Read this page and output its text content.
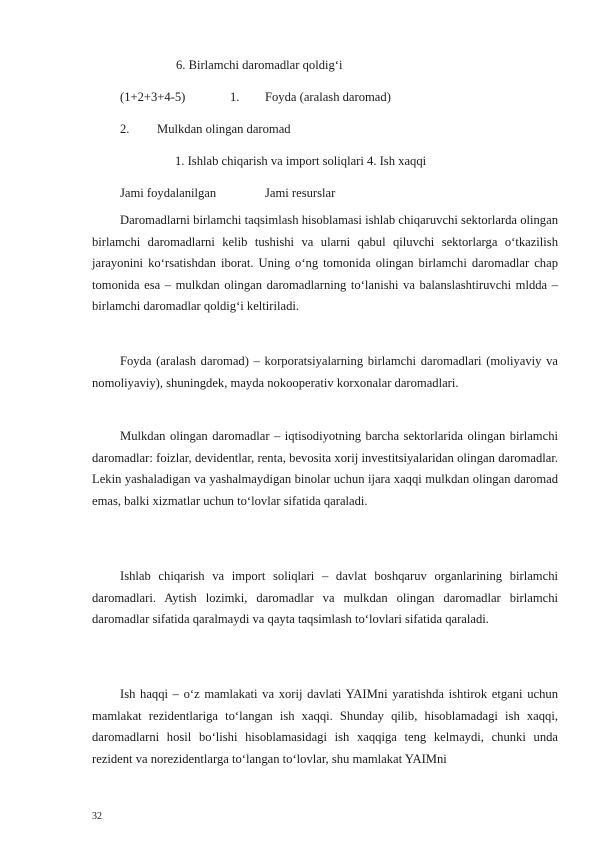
6. Birlamchi daromadlar qoldig‘i
(1+2+3+4-5)	1. Foyda (aralash daromad)
2. Mulkdan olingan daromad
1. Ishlab chiqarish va import soliqlari 4. Ish xaqqi
Jami foydalanilgan	Jami resurslar

Daromadlarni birlamchi taqsimlash hisoblamasi ishlab chiqaruvchi sektorlarda olingan birlamchi daromadlarni kelib tushishi va ularni qabul qiluvchi sektorlarga o‘tkazilish jarayonini ko‘rsatishdan iborat. Uning o‘ng tomonida olingan birlamchi daromadlar chap tomonida esa – mulkdan olingan daromadlarning to‘lanishi va balanslashtiruvchi mldda – birlamchi daromadlar qoldig‘i keltiriladi.

Foyda (aralash daromad) – korporatsiyalarning birlamchi daromadlari (moliyaviy va nomoliyaviy), shuningdek, mayda nokooperativ korxonalar daromadlari.

Mulkdan olingan daromadlar – iqtisodiyotning barcha sektorlarida olingan birlamchi daromadlar: foizlar, devidentlar, renta, bevosita xorij investitsiyalaridan olingan daromadlar. Lekin yashaladigan va yashalmaydigan binolar uchun ijara xaqqi mulkdan olingan daromad emas, balki xizmatlar uchun to‘lovlar sifatida qaraladi.

Ishlab chiqarish va import soliqlari – davlat boshqaruv organlarining birlamchi daromadlari. Aytish lozimki, daromadlar va mulkdan olingan daromadlar birlamchi daromadlar sifatida qaralmaydi va qayta taqsimlash to‘lovlari sifatida qaraladi.

Ish haqqi – o‘z mamlakati va xorij davlati YAIMni yaratishda ishtirok etgani uchun mamlakat rezidentlariga to‘langan ish xaqqi. Shunday qilib, hisoblamadagi ish xaqqi, daromadlarni hosil bo‘lishi hisoblamasidagi ish xaqqiga teng kelmaydi, chunki unda rezident va norezidentlarga to‘langan to‘lovlar, shu mamlakat YAIMni

32
